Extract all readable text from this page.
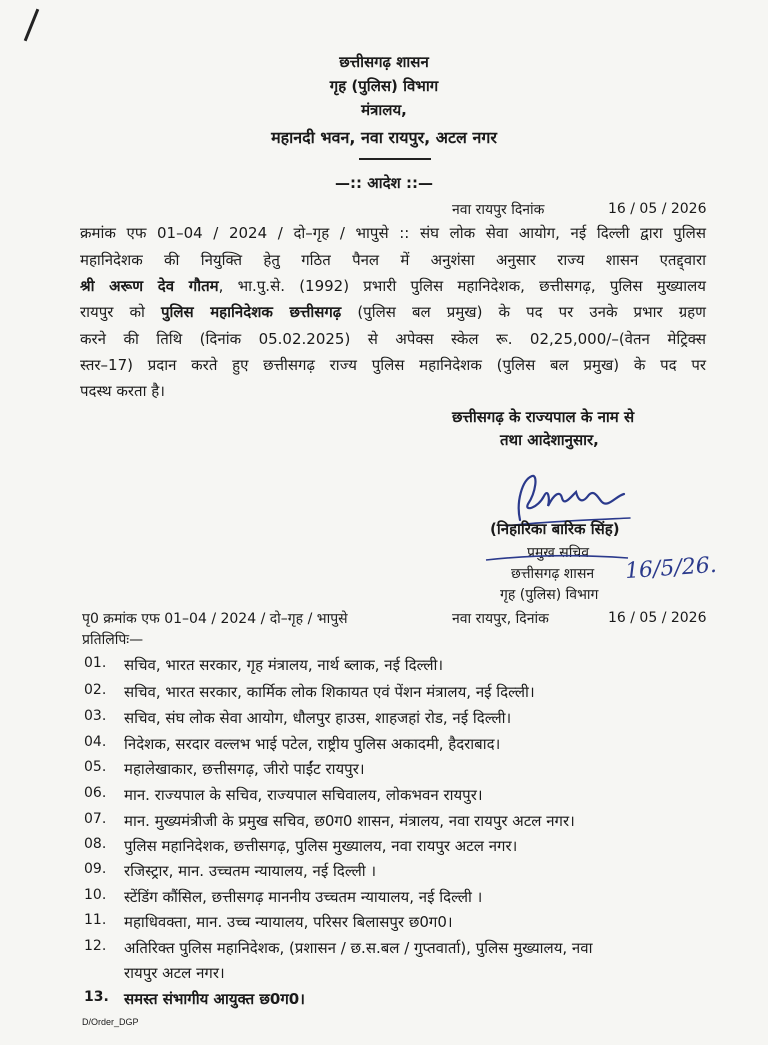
छत्तीसगढ़ शासन
गृह (पुलिस) विभाग
मंत्रालय,
महानदी भवन, नवा रायपुर, अटल नगर
—:: आदेश ::—
नवा रायपुर दिनांक	16 / 05 / 2026
क्रमांक एफ 01–04 / 2024 / दो–गृह / भापुसे :: संघ लोक सेवा आयोग, नई दिल्ली द्वारा पुलिस
महानिदेशक की नियुक्ति हेतु गठित पैनल में अनुशंसा अनुसार राज्य शासन एतद्द्वारा
श्री अरूण देव गौतम, भा.पु.से. (1992) प्रभारी पुलिस महानिदेशक, छत्तीसगढ़, पुलिस मुख्यालय
रायपुर को पुलिस महानिदेशक छत्तीसगढ़ (पुलिस बल प्रमुख) के पद पर उनके प्रभार ग्रहण
करने की तिथि (दिनांक 05.02.2025) से अपेक्स स्केल रू. 02,25,000/–(वेतन मेट्रिक्स
स्तर–17) प्रदान करते हुए छत्तीसगढ़ राज्य पुलिस महानिदेशक (पुलिस बल प्रमुख) के पद पर
पदस्थ करता है।
छत्तीसगढ़ के राज्यपाल के नाम से
तथा आदेशानुसार,
(निहारिका बारिक सिंह)
प्रमुख सचिव
छत्तीसगढ़ शासन
गृह (पुलिस) विभाग
16/5/26.
पृ0 क्रमांक एफ 01–04 / 2024 / दो–गृह / भापुसे	नवा रायपुर, दिनांक	16 / 05 / 2026
प्रतिलिपिः—
01.	सचिव, भारत सरकार, गृह मंत्रालय, नार्थ ब्लाक, नई दिल्ली।
02.	सचिव, भारत सरकार, कार्मिक लोक शिकायत एवं पेंशन मंत्रालय, नई दिल्ली।
03.	सचिव, संघ लोक सेवा आयोग, धौलपुर हाउस, शाहजहां रोड, नई दिल्ली।
04.	निदेशक, सरदार वल्लभ भाई पटेल, राष्ट्रीय पुलिस अकादमी, हैदराबाद।
05.	महालेखाकार, छत्तीसगढ़, जीरो पाईंट रायपुर।
06.	मान. राज्यपाल के सचिव, राज्यपाल सचिवालय, लोकभवन रायपुर।
07.	मान. मुख्यमंत्रीजी के प्रमुख सचिव, छ0ग0 शासन, मंत्रालय, नवा रायपुर अटल नगर।
08.	पुलिस महानिदेशक, छत्तीसगढ़, पुलिस मुख्यालय, नवा रायपुर अटल नगर।
09.	रजिस्ट्रार, मान. उच्चतम न्यायालय, नई दिल्ली ।
10.	स्टेंडिंग कौंसिल, छत्तीसगढ़ माननीय उच्चतम न्यायालय, नई दिल्ली ।
11.	महाधिवक्ता, मान. उच्च न्यायालय, परिसर बिलासपुर छ0ग0।
12.	अतिरिक्त पुलिस महानिदेशक, (प्रशासन / छ.स.बल / गुप्तवार्ता), पुलिस मुख्यालय, नवा
रायपुर अटल नगर।
13.	समस्त संभागीय आयुक्त छ0ग0।
D/Order_DGP
